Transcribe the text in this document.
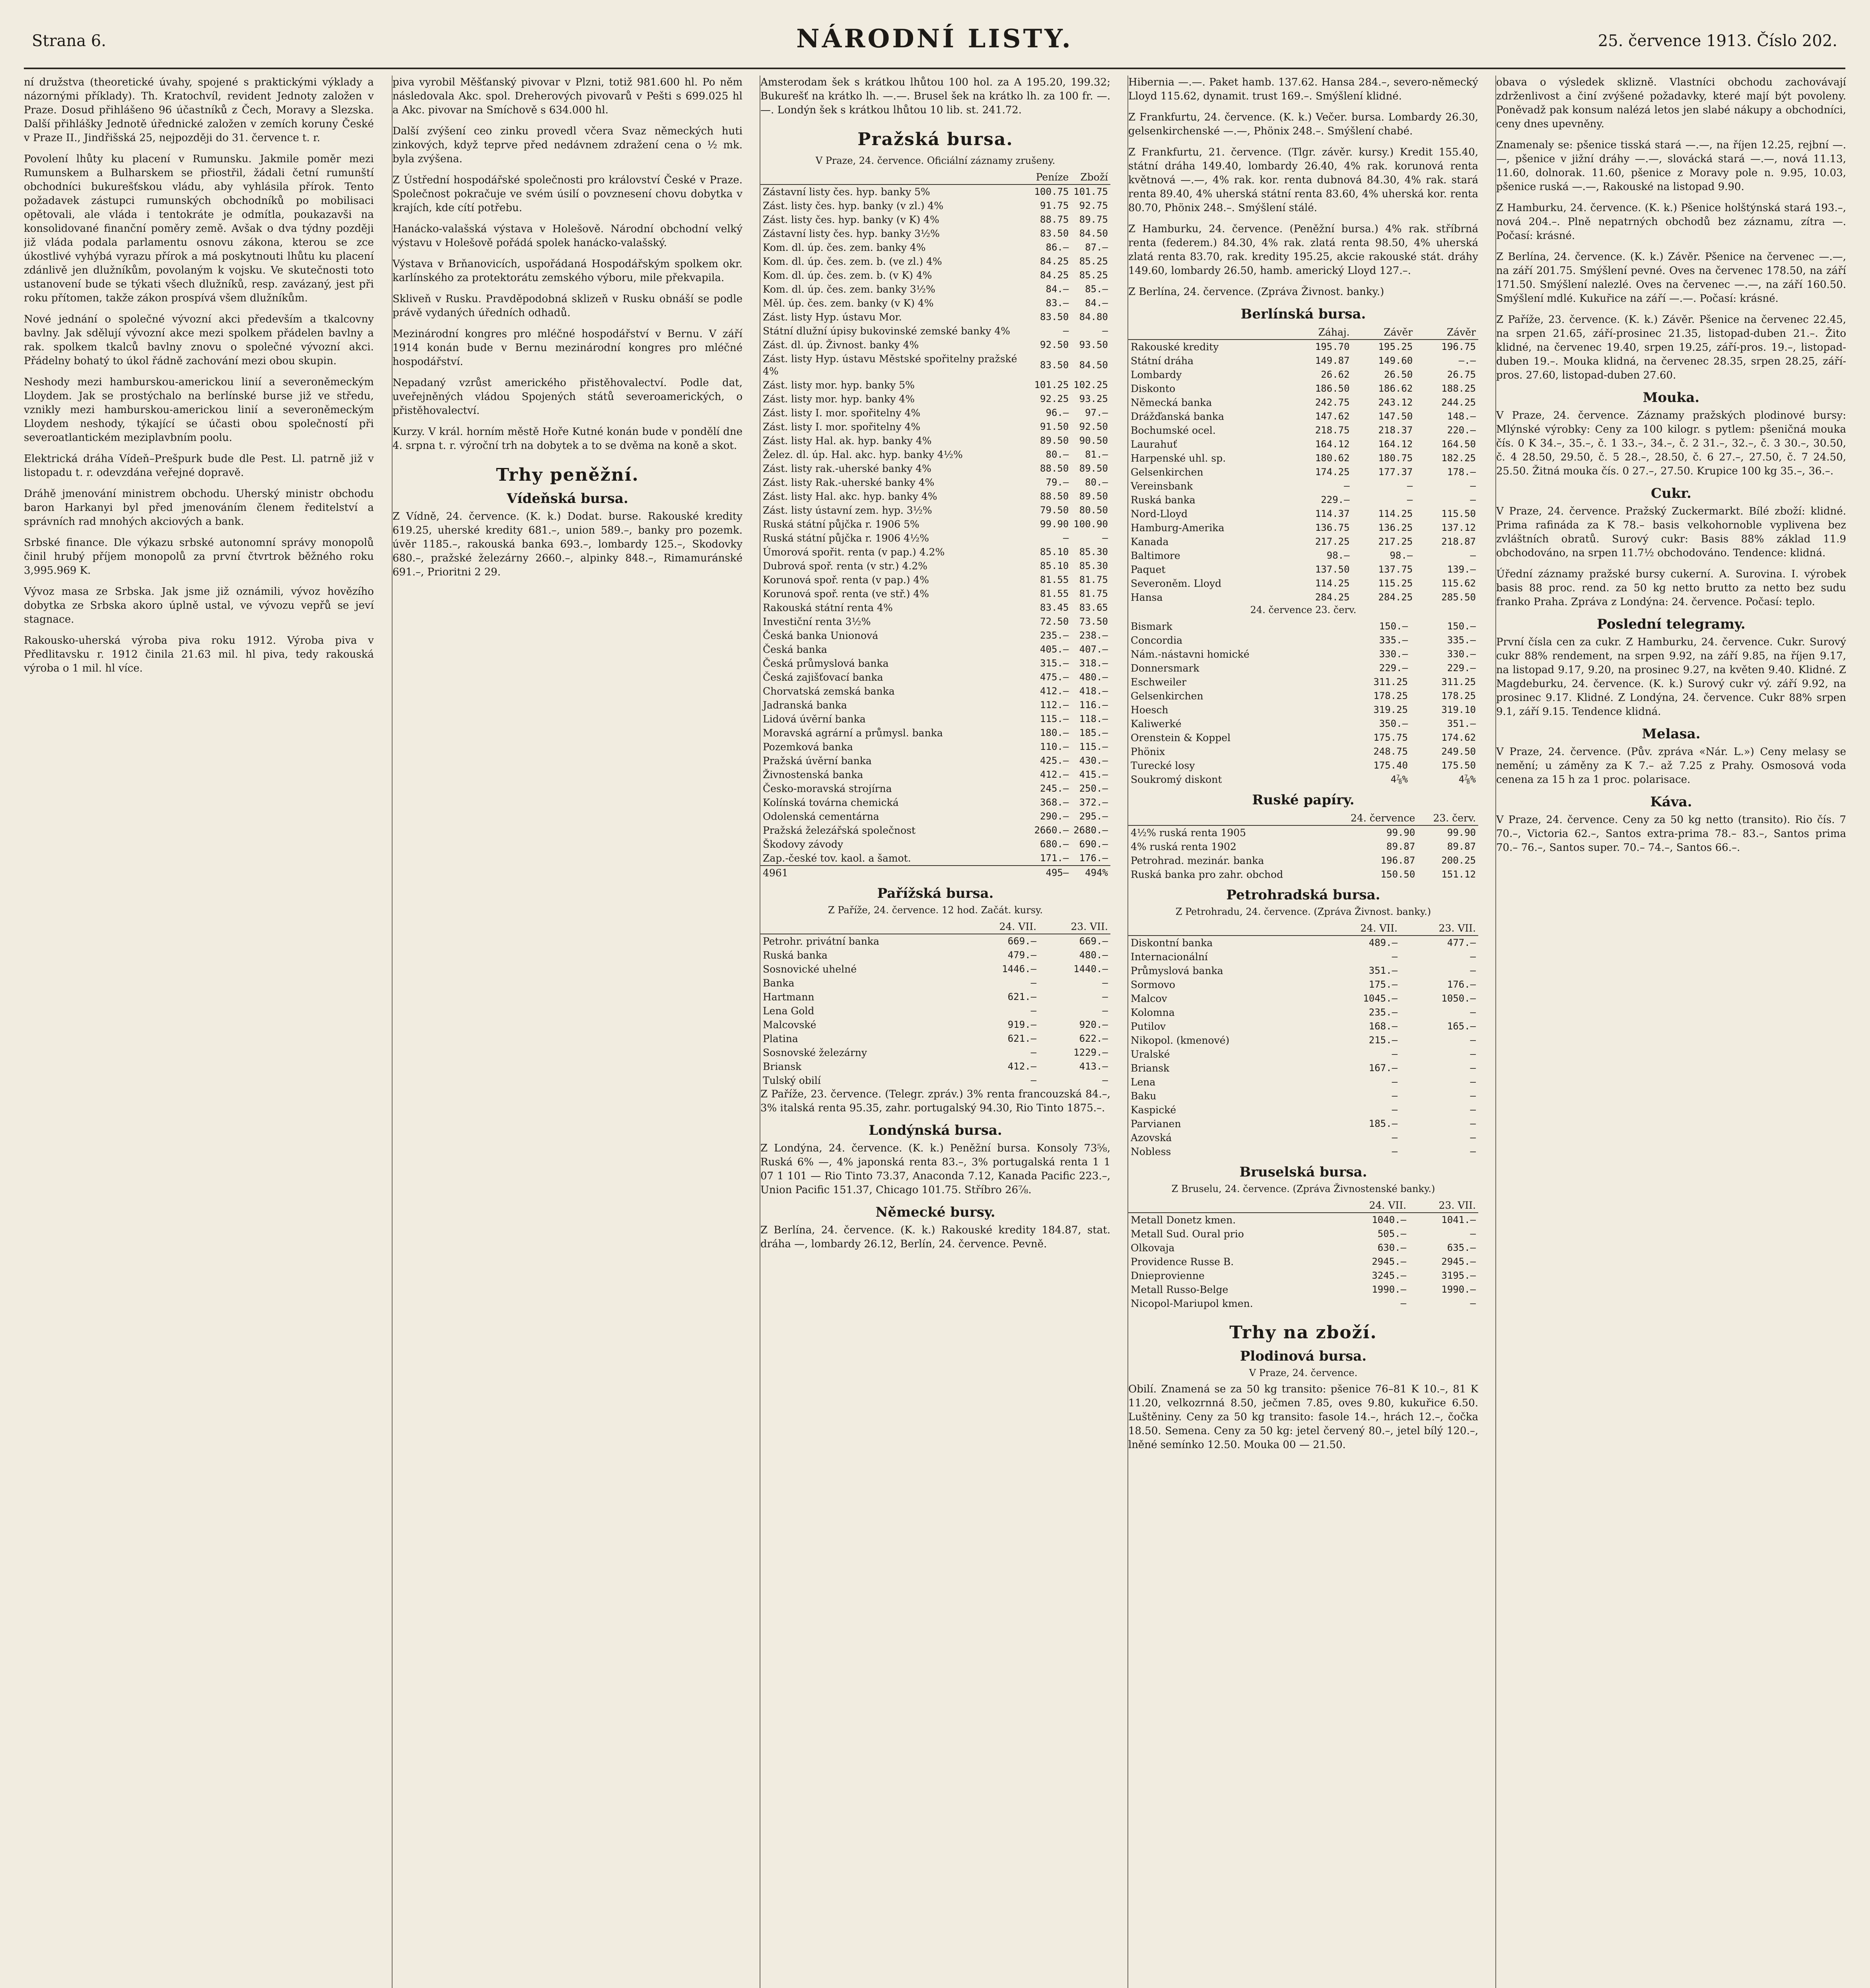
Strana 6.	NÁRODNÍ LISTY.	25. července 1913. Číslo 202.

ní družstva (theoretické úvahy, spojené s praktickými výklady a názornými příklady). Th. Kratochvíl, revident Jednoty založen v Praze. Dosud přihlášeno 96 účastníků z Čech, Moravy a Slezska. Další přihlášky Jednotě úřednické založen v zemích koruny České v Praze II., Jindřišská 25, nejpozději do 31. července t. r.

Povolení lhůty ku placení v Rumunsku. Jakmile poměr mezi Rumunskem a Bulharskem se přiostřil, žádali četní rumunští obchodníci bukurešťskou vládu, aby vyhlásila přírok. Tento požadavek zástupci rumunských obchodníků po mobilisaci opětovali, ale vláda i tentokráte je odmítla, poukazavši na konsolidované finanční poměry země. Avšak o dva týdny později již vláda podala parlamentu osnovu zákona, kterou se zce úkostlivé vyhýbá vyrazu přírok a má poskytnouti lhůtu ku placení zdánlivě jen dlužníkům, povolaným k vojsku. Ve skutečnosti toto ustanovení bude se týkati všech dlužníků, resp. zavázaný, jest při roku přítomen, takže zákon prospívá všem dlužníkům.

Nové jednání o společné vývozní akci především a tkalcovny bavlny. Jak sdělují vývozní akce mezi spolkem přádelen bavlny a rak. spolkem tkalců bavlny znovu o společné vývozní akci. Přádelny bohatý to úkol řádně zachování mezi obou skupin.

Neshody mezi hamburskou-americkou linií a severoněmeckým Lloydem. Jak se prostýchalo na berlínské burse již ve středu, vznikly mezi hamburskou-americkou linií a severoněmeckým Lloydem neshody, týkající se účasti obou společností při severoatlantickém meziplavbním poolu.

Elektrická dráha Vídeň–Prešpurk bude dle Pest. Ll. patrně již v listopadu t. r. odevzdána veřejné dopravě.

Dráhě jmenování ministrem obchodu. Uherský ministr obchodu baron Harkanyi byl před jmenováním členem ředitelství a správních rad mnohých akciových a bank.

Srbské finance. Dle výkazu srbské autonomní správy monopolů činil hrubý příjem monopolů za první čtvrtrok běžného roku 3,995.969 K.

Vývoz masa ze Srbska. Jak jsme již oznámili, vývoz hovězího dobytka ze Srbska akoro úplně ustal, ve vývozu vepřů se jeví stagnace.

Rakousko-uherská výroba piva roku 1912. Výroba piva v Předlitavsku r. 1912 činila 21.63 mil. hl piva, tedy rakouská výroba o 1 mil. hl více.

piva vyrobil Měšťanský pivovar v Plzni, totiž 981.600 hl. Po něm následovala Akc. spol. Dreherových pivovarů v Pešti s 699.025 hl a Akc. pivovar na Smíchově s 634.000 hl.

Další zvýšení ceo zinku provedl včera Svaz německých huti zinkových, když teprve před nedávnem zdražení cena o ½ mk. byla zvýšena.

Z Ústřední hospodářské společnosti pro království České v Praze. Společnost pokračuje ve svém úsilí o povznesení chovu dobytka v krajích, kde cítí potřebu.

Hanácko-valašská výstava v Holešově. Národní obchodní velký výstavu v Holešově pořádá spolek hanácko-valašský.

Výstava v Brňanovicích, uspořádaná Hospodářským spolkem okr. karlínského za protektorátu zemského výboru, mile překvapila.

Skliveň v Rusku. Pravděpodobná sklizeň v Rusku obnáší se podle právě vydaných úředních odhadů.

Mezinárodní kongres pro mléčné hospodářství v Bernu. V září 1914 konán bude v Bernu mezinárodní kongres pro mléčné hospodářství.

Nepadaný vzrůst amerického přistěhovalectví. Podle dat, uveřejněných vládou Spojených států severoamerických, o přistěhovalectví.

Kurzy. V král. horním městě Hoře Kutné konán bude v pondělí dne 4. srpna t. r. výroční trh na dobytek a to se dvěma na koně a skot.

Trhy peněžní.
Vídeňská bursa.

Z Vídně, 24. července. (K. k.) Dodat. burse. Rakouské kredity 619.25, uherské kredity 681.–, union 589.–, banky pro pozemk. úvěr 1185.–, rakouská banka 693.–, lombardy 125.–, Skodovky 680.–, pražské železárny 2660.–, alpinky 848.–, Rimamuránské 691.–, Prioritni 2 29.

Amsterodam šek s krátkou lhůtou 100 hol. za A 195.20, 199.32; Bukurešť na krátko lh. —.—. Brusel šek na krátko lh. za 100 fr. —.—. Londýn šek s krátkou lhůtou 10 lib. st. 241.72.

Pražská bursa.
V Praze, 24. července. Oficiální záznamy zrušeny.
	Peníze	Zboží
Zástavní listy čes. hyp. banky 5%	100.75	101.75
Zást. listy čes. hyp. banky (v zl.) 4%	91.75	92.75
Zást. listy čes. hyp. banky (v K) 4%	88.75	89.75
Zástavní listy čes. hyp. banky 3½%	83.50	84.50
Kom. dl. úp. čes. zem. banky 4%	86.–	87.–
Kom. dl. úp. čes. zem. b. (ve zl.) 4%	84.25	85.25
Kom. dl. úp. čes. zem. b. (v K) 4%	84.25	85.25
Kom. dl. úp. čes. zem. banky 3½%	84.–	85.–
Měl. úp. čes. zem. banky (v K) 4%	83.–	84.–
Zást. listy Hyp. ústavu Mor.	83.50	84.80
Státní dlužní úpisy bukovinské zemské banky 4%	—	—
Zást. dl. úp. Živnost. banky 4%	92.50	93.50
Zást. listy Hyp. ústavu Městské spořitelny pražské 4%	83.50	84.50
Zást. listy mor. hyp. banky 5%	101.25	102.25
Zást. listy mor. hyp. banky 4%	92.25	93.25
Zást. listy I. mor. spořitelny 4%	96.–	97.–
Zást. listy I. mor. spořitelny 4%	91.50	92.50
Zást. listy Hal. ak. hyp. banky 4%	89.50	90.50
Želez. dl. úp. Hal. akc. hyp. banky 4½%	80.–	81.–
Zást. listy rak.-uherské banky 4%	88.50	89.50
Zást. listy Rak.-uherské banky 4%	79.–	80.–
Zást. listy Hal. akc. hyp. banky 4%	88.50	89.50
Zást. listy ústavní zem. hyp. 3½%	79.50	80.50
Ruská státní půjčka r. 1906 5%	99.90	100.90
Ruská státní půjčka r. 1906 4½%	—	—
Úmorová spořit. renta (v pap.) 4.2%	85.10	85.30
Dubrová spoř. renta (v str.) 4.2%	85.10	85.30
Korunová spoř. renta (v pap.) 4%	81.55	81.75
Korunová spoř. renta (ve stř.) 4%	81.55	81.75
Rakouská státní renta 4%	83.45	83.65
Investiční renta 3½%	72.50	73.50
Česká banka Unionová	235.–	238.–
Česká banka	405.–	407.–
Česká průmyslová banka	315.–	318.–
Česká zajišťovací banka	475.–	480.–
Chorvatská zemská banka	412.–	418.–
Jadranská banka	112.–	116.–
Lidová úvěrní banka	115.–	118.–
Moravská agrární a průmysl. banka	180.–	185.–
Pozemková banka	110.–	115.–
Pražská úvěrní banka	425.–	430.–
Živnostenská banka	412.–	415.–
Česko-moravská strojírna	245.–	250.–
Kolínská továrna chemická	368.–	372.–
Odolenská cementárna	290.–	295.–
Pražská železářská společnost	2660.–	2680.–
Škodovy závody	680.–	690.–
Zap.-české tov. kaol. a šamot.	171.–	176.–
4961	495–	494%
Pařížská bursa.
Z Paříže, 24. července. 12 hod. Začát. kursy.
	24. VII.	23. VII.
Petrohr. privátní banka	669.–	669.–
Ruská banka	479.–	480.–
Sosnovické uhelné	1446.–	1440.–
Banka	—	—
Hartmann	621.–	—
Lena Gold	—	—
Malcovské	919.–	920.–
Platina	621.–	622.–
Sosnovské železárny	—	1229.–
Briansk	412.–	413.–
Tulský obilí	—	—

Z Paříže, 23. července. (Telegr. zpráv.) 3% renta francouzská 84.–, 3% italská renta 95.35, zahr. portugalský 94.30, Rio Tinto 1875.–.

Londýnská bursa.

Z Londýna, 24. července. (K. k.) Peněžní bursa. Konsoly 73⅝, Ruská 6% —, 4% japonská renta 83.–, 3% portugalská renta 1 1 07 1 101 — Rio Tinto 73.37, Anaconda 7.12, Kanada Pacific 223.–, Union Pacific 151.37, Chicago 101.75. Stříbro 26⅞.

Německé bursy.

Z Berlína, 24. července. (K. k.) Rakouské kredity 184.87, stat. dráha —, lombardy 26.12, Berlín, 24. července. Pevně.

Hibernia —.—. Paket hamb. 137.62. Hansa 284.–, severo-německý Lloyd 115.62, dynamit. trust 169.–. Smýšlení klidné.

Z Frankfurtu, 24. července. (K. k.) Večer. bursa. Lombardy 26.30, gelsenkirchenské —.—, Phönix 248.–. Smýšlení chabé.

Z Frankfurtu, 21. července. (Tlgr. závěr. kursy.) Kredit 155.40, státní dráha 149.40, lombardy 26.40, 4% rak. korunová renta květnová —.—, 4% rak. kor. renta dubnová 84.30, 4% rak. stará renta 89.40, 4% uherská státní renta 83.60, 4% uherská kor. renta 80.70, Phönix 248.–. Smýšlení stálé.

Z Hamburku, 24. července. (Peněžní bursa.) 4% rak. stříbrná renta (federem.) 84.30, 4% rak. zlatá renta 98.50, 4% uherská zlatá renta 83.70, rak. kredity 195.25, akcie rakouské stát. dráhy 149.60, lombardy 26.50, hamb. americký Lloyd 127.–.

Z Berlína, 24. července. (Zpráva Živnost. banky.)

Berlínská bursa.
	Záhaj.	Závěr	Závěr
Rakouské kredity	195.70	195.25	196.75
Státní dráha	149.87	149.60	—.—
Lombardy	26.62	26.50	26.75
Diskonto	186.50	186.62	188.25
Německá banka	242.75	243.12	244.25
Drážďanská banka	147.62	147.50	148.–
Bochumské ocel.	218.75	218.37	220.–
Laurahuť	164.12	164.12	164.50
Harpenské uhl. sp.	180.62	180.75	182.25
Gelsenkirchen	174.25	177.37	178.–
Vereinsbank	—	—	—
Ruská banka	229.–	—	—
Nord-Lloyd	114.37	114.25	115.50
Hamburg-Amerika	136.75	136.25	137.12
Kanada	217.25	217.25	218.87
Baltimore	98.–	98.–	—
Paquet	137.50	137.75	139.–
Severoněm. Lloyd	114.25	115.25	115.62
Hansa	284.25	284.25	285.50
24. července 23. červ.
Bismark	150.–	150.–
Concordia	335.–	335.–
Nám.-nástavni homické	330.–	330.–
Donnersmark	229.–	229.–
Eschweiler	311.25	311.25
Gelsenkirchen	178.25	178.25
Hoesch	319.25	319.10
Kaliwerké	350.–	351.–
Orenstein & Koppel	175.75	174.62
Phönix	248.75	249.50
Turecké losy	175.40	175.50
Soukromý diskont	4⅞%	4⅞%
Ruské papíry.
	24. července	23. červ.
4½% ruská renta 1905	99.90	99.90
4% ruská renta 1902	89.87	89.87
Petrohrad. mezinár. banka	196.87	200.25
Ruská banka pro zahr. obchod	150.50	151.12
Petrohradská bursa.
Z Petrohradu, 24. července. (Zpráva Živnost. banky.)
	24. VII.	23. VII.
Diskontní banka	489.–	477.–
Internacionální	—	—
Průmyslová banka	351.–	—
Sormovo	175.–	176.–
Malcov	1045.–	1050.–
Kolomna	235.–	—
Putilov	168.–	165.–
Nikopol. (kmenové)	215.–	—
Uralské	—	—
Briansk	167.–	—
Lena	—	—
Baku	—	—
Kaspické	—	—
Parvianen	185.–	—
Azovská	—	—
Nobless	—	—
Bruselská bursa.
Z Bruselu, 24. července. (Zpráva Živnostenské banky.)
	24. VII.	23. VII.
Metall Donetz kmen.	1040.–	1041.–
Metall Sud. Oural prio	505.–	—
Olkovaja	630.–	635.–
Providence Russe B.	2945.–	2945.–
Dnieprovienne	3245.–	3195.–
Metall Russo-Belge	1990.–	1990.–
Nicopol-Mariupol kmen.	—	—
Trhy na zboží.
Plodinová bursa.
V Praze, 24. července.

Obilí. Znamená se za 50 kg transito: pšenice 76–81 K 10.–, 81 K 11.20, velkozrnná 8.50, ječmen 7.85, oves 9.80, kukuřice 6.50. Luštěniny. Ceny za 50 kg transito: fasole 14.–, hrách 12.–, čočka 18.50. Semena. Ceny za 50 kg: jetel červený 80.–, jetel bílý 120.–, lněné semínko 12.50. Mouka 00 — 21.50.

obava o výsledek sklizně. Vlastníci obchodu zachovávají zdrženlivost a činí zvýšené požadavky, které mají být povoleny. Poněvadž pak konsum nalézá letos jen slabé nákupy a obchodníci, ceny dnes upevněny.

Znamenaly se: pšenice tisská stará —.—, na říjen 12.25, rejbní —.—, pšenice v jižní dráhy —.—, slovácká stará —.—, nová 11.13, 11.60, dolnorak. 11.60, pšenice z Moravy pole n. 9.95, 10.03, pšenice ruská —.—, Rakouské na listopad 9.90.

Z Hamburku, 24. července. (K. k.) Pšenice holštýnská stará 193.–, nová 204.–. Plně nepatrných obchodů bez záznamu, zítra —. Počasí: krásné.

Z Berlína, 24. července. (K. k.) Závěr. Pšenice na červenec —.—, na září 201.75. Smýšlení pevné. Oves na červenec 178.50, na září 171.50. Smýšlení nalezlé. Oves na červenec —.—, na září 160.50. Smýšlení mdlé. Kukuřice na září —.—. Počasí: krásné.

Z Paříže, 23. července. (K. k.) Závěr. Pšenice na červenec 22.45, na srpen 21.65, září-prosinec 21.35, listopad-duben 21.–. Žito klidné, na červenec 19.40, srpen 19.25, září-pros. 19.–, listopad-duben 19.–. Mouka klidná, na červenec 28.35, srpen 28.25, září-pros. 27.60, listopad-duben 27.60.

Mouka.

V Praze, 24. července. Záznamy pražských plodinové bursy: Mlýnské výrobky: Ceny za 100 kilogr. s pytlem: pšeničná mouka čís. 0 K 34.–, 35.–, č. 1 33.–, 34.–, č. 2 31.–, 32.–, č. 3 30.–, 30.50, č. 4 28.50, 29.50, č. 5 28.–, 28.50, č. 6 27.–, 27.50, č. 7 24.50, 25.50. Žitná mouka čís. 0 27.–, 27.50. Krupice 100 kg 35.–, 36.–.

Cukr.

V Praze, 24. července. Pražský Zuckermarkt. Bílé zboží: klidné. Prima rafináda za K 78.– basis velkohornoble vyplivena bez zvláštních obratů. Surový cukr: Basis 88% základ 11.9 obchodováno, na srpen 11.7½ obchodováno. Tendence: klidná.

Úřední záznamy pražské bursy cukerní. A. Surovina. I. výrobek basis 88 proc. rend. za 50 kg netto brutto za netto bez sudu franko Praha. Zpráva z Londýna: 24. července. Počasí: teplo.

Poslední telegramy.

První čísla cen za cukr. Z Hamburku, 24. července. Cukr. Surový cukr 88% rendement, na srpen 9.92, na září 9.85, na říjen 9.17, na listopad 9.17, 9.20, na prosinec 9.27, na květen 9.40. Klidné. Z Magdeburku, 24. července. (K. k.) Surový cukr vý. září 9.92, na prosinec 9.17. Klidné. Z Londýna, 24. července. Cukr 88% srpen 9.1, září 9.15. Tendence klidná.

Melasa.

V Praze, 24. července. (Pův. zpráva «Nár. L.») Ceny melasy se nemění; u záměny za K 7.– až 7.25 z Prahy. Osmosová voda cenena za 15 h za 1 proc. polarisace.

Káva.

V Praze, 24. července. Ceny za 50 kg netto (transito). Rio čís. 7 70.–, Victoria 62.–, Santos extra-prima 78.– 83.–, Santos prima 70.– 76.–, Santos super. 70.– 74.–, Santos 66.–.
